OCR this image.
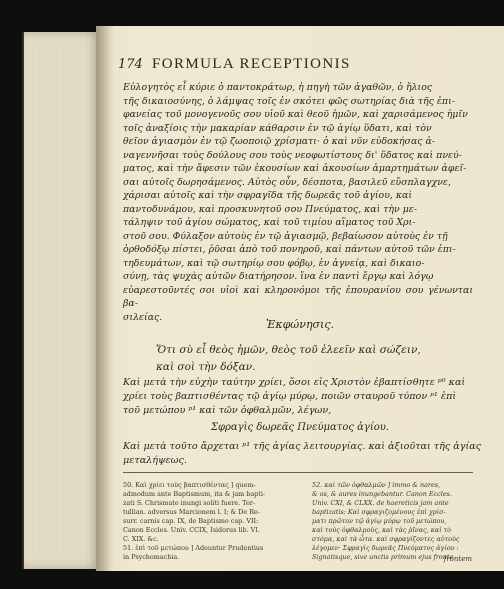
174 FORMULA RECEPTIONIS
Εὐλογητὸς εἶ κύριε ὁ παντοκράτωρ, ἡ πηγὴ τῶν ἀγαθῶν, ὁ ἥλιος
τῆς δικαιοσύνης, ὁ λάμψας τοῖς ἐν σκότει φῶς σωτηρίας διὰ τῆς ἐπι-
φανείας τοῦ μονογενοῦς σου υἱοῦ καὶ θεοῦ ἡμῶν, καὶ χαρισάμενος ἡμῖν
τοῖς ἀναξίοις τὴν μακαρίαν κάθαρσιν ἐν τῷ ἁγίῳ ὕδατι, καὶ τὸν
θεῖον ἁγιασμὸν ἐν τῷ ζωοποιῷ χρίσματι· ὁ καὶ νῦν εὐδοκήσας ἀ-
ναγεννῆσαι τοὺς δούλους σου τοὺς νεοφωτίστους δι' ὕδατος καὶ πνεύ-
ματος, καὶ τὴν ἄφεσιν τῶν ἑκουσίων καὶ ἀκουσίων ἁμαρτημάτων ἀφεῖ-
σαι αὐτοῖς δωρησάμενος. Αὐτὸς οὖν, δέσποτα, βασιλεῦ εὔσπλαγχνε,
χάρισαι αὐτοῖς καὶ τὴν σφραγῖδα τῆς δωρεᾶς τοῦ ἁγίου, καὶ
παντοδυνάμου, καὶ προσκυνητοῦ σου Πνεύματος, καὶ τὴν με-
τάληψιν τοῦ ἁγίου σώματος, καὶ τοῦ τιμίου αἵματος τοῦ Χρι-
στοῦ σου. Φύλαξον αὐτοὺς ἐν τῷ ἁγιασμῷ, βεβαίωσον αὐτοὺς ἐν τῇ
ὀρθοδόξῳ πίστει, ῥῦσαι ἀπὸ τοῦ πονηροῦ, καὶ πάντων αὐτοῦ τῶν ἐπι-
τηδευμάτων, καὶ τῷ σωτηρίῳ σου φόβῳ, ἐν ἁγνείᾳ, καὶ δικαιο-
σύνῃ, τὰς ψυχὰς αὐτῶν διατήρησον. ἵνα ἐν παντὶ ἔργῳ καὶ λόγῳ
εὐαρεστοῦντές σοι υἱοὶ καὶ κληρονόμοι τῆς ἐπουρανίου σου γένωνται βα-
σιλείας.
Ἐκφώνησις.
Ὅτι σὺ εἶ θεὸς ἡμῶν, θεὸς τοῦ ἐλεεῖν καὶ σώζειν,
καὶ σοὶ τὴν δόξαν.
Καὶ μετὰ τὴν εὐχὴν ταύτην χρίει, ὅσοι εἰς Χριστὸν ἐβαπτίσθητε ᵖ⁰ καὶ
χρίει τοὺς βαπτισθέντας τῷ ἁγίῳ μύρῳ, ποιῶν σταυροῦ τύπον ᵖ¹ ἐπὶ
τοῦ μετώπου ᵖ¹ καὶ τῶν ὀφθαλμῶν, λέγων,
Σφραγὶς δωρεᾶς Πνεύματος ἁγίου.
Καὶ μετὰ τοῦτο ἄρχεται ᵖ¹ τῆς ἁγίας λειτουργίας. καὶ ἀξιοῦται τῆς ἁγίας
μεταλήψεως.
50. Καὶ χρίει τοὺς βαπτισθέντας ] quem-
admodum ante Baptismum, ita & jam bapti-
zati S. Chrismate inungi soliti fuere. Ter-
tullian. adversus Marcionem l. I; & De Re-
surr. carnis cap. IX, de Baptismo cap. VII:
Canon Eccles. Univ. CCIX, Isidorus lib. VI.
C. XIX. &c.
51. ἐπὶ τοῦ μετώπου ] Adeuntur Prudentius
in Psychomachia.
52. καὶ τῶν ὀφθαλμῶν ] immo & nares,
& os, & aures inungebantur. Canon Eccles.
Univ. CXI, & CLXX. de haereticis jam ante
baptizatis: Καὶ σφραγιζομένους ἐπὶ χρίσ-
ματι πρῶτον τῷ ἁγίῳ μύρῳ τοῦ μετώπου,
καὶ τοὺς ὀφθαλμοὺς, καὶ τὰς ῥῖνας, καὶ τὸ
στόμα, καὶ τὰ ὦτα. καὶ σφραγίζοντες αὐτοὺς
λέγομεν· Σφραγὶς δωρεᾶς Πνεύματος ἁγίου :
Signatisque, sive unctis primum ejus fronte
frontem
